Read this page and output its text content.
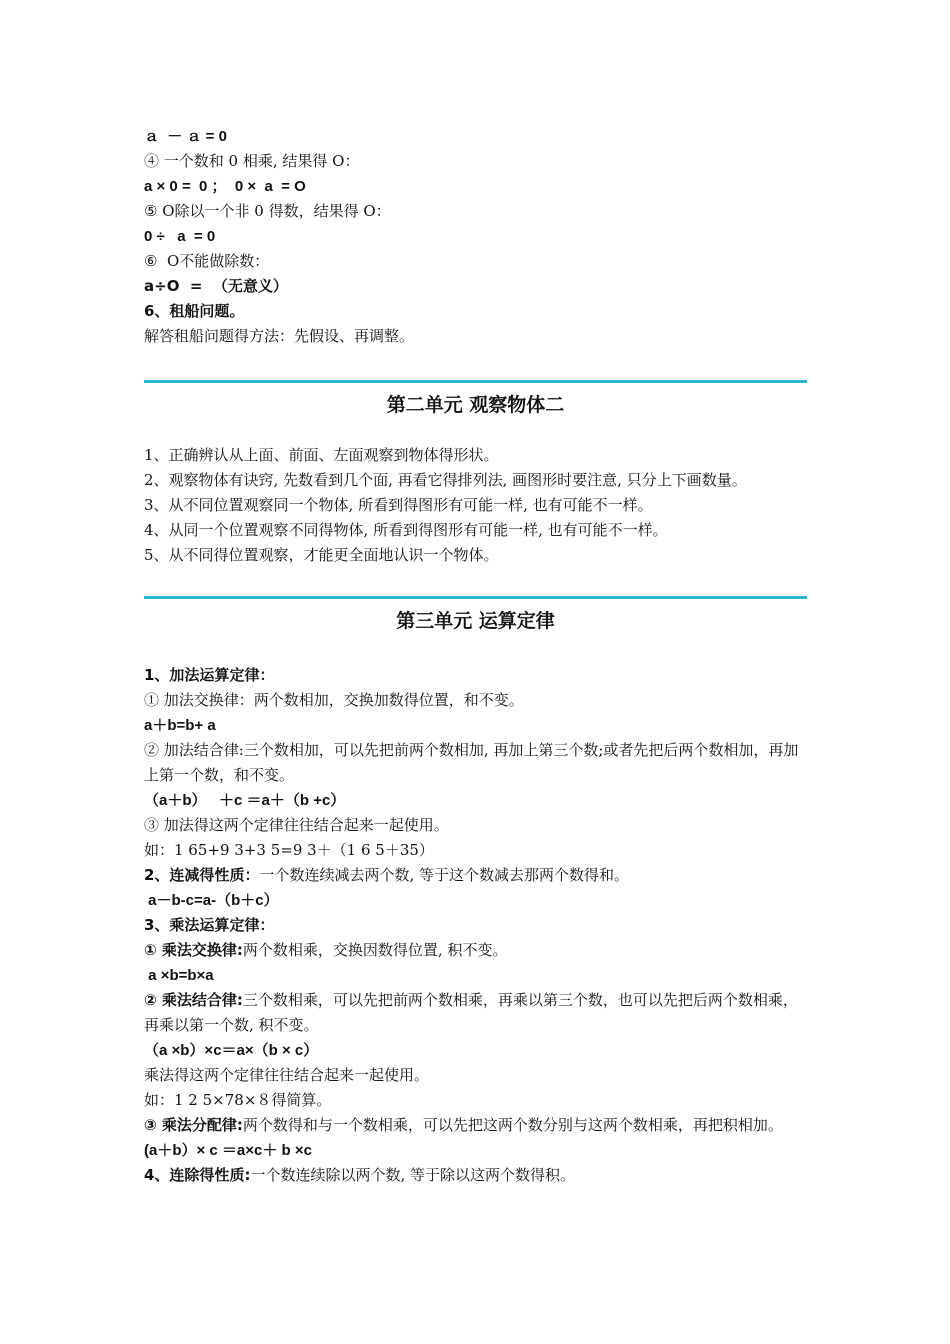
ａ  － ａ = 0

④ 一个数和 0 相乘, 结果得 O：

a × 0 =  0 ；  0 ×  a  = O

⑤ O除以一个非 0 得数，结果得 O：

0 ÷   a  = 0

⑥  O不能做除数：

a÷O  =  （无意义）

6、租船问题。

解答租船问题得方法：先假设、再调整。

第二单元 观察物体二

1、正确辨认从上面、前面、左面观察到物体得形状。

2、观察物体有诀窍, 先数看到几个面, 再看它得排列法, 画图形时要注意, 只分上下画数量。

3、从不同位置观察同一个物体, 所看到得图形有可能一样, 也有可能不一样。

4、从同一个位置观察不同得物体, 所看到得图形有可能一样, 也有可能不一样。

5、从不同得位置观察，才能更全面地认识一个物体。

第三单元 运算定律

1、加法运算定律：

① 加法交换律：两个数相加，交换加数得位置，和不变。

a＋b=b+ a

② 加法结合律:三个数相加，可以先把前两个数相加, 再加上第三个数;或者先把后两个数相加，再加上第一个数，和不变。

（a＋b）   ＋c ＝a＋（b +c）

③ 加法得这两个定律往往结合起来一起使用。

如：1 65+9 3+3 5=9 3＋（1 6 5＋35）

2、连减得性质：一个数连续减去两个数, 等于这个数减去那两个数得和。

a－b-c=a-（b＋c）

3、乘法运算定律：

① 乘法交换律:两个数相乘，交换因数得位置, 积不变。

a ×b=b×a

② 乘法结合律:三个数相乘，可以先把前两个数相乘，再乘以第三个数，也可以先把后两个数相乘，再乘以第一个数, 积不变。

（a ×b）×c＝a×（b × c）

乘法得这两个定律往往结合起来一起使用。

如：1 2 5×78×８得简算。

③ 乘法分配律:两个数得和与一个数相乘，可以先把这两个数分别与这两个数相乘，再把积相加。

(a＋b）× c ＝a×c＋ b ×c

4、连除得性质:一个数连续除以两个数, 等于除以这两个数得积。
